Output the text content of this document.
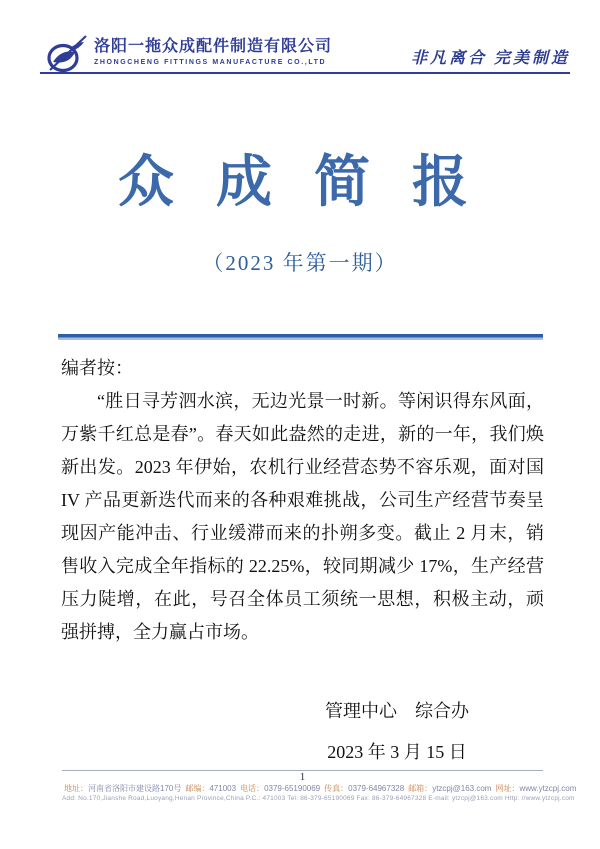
洛阳一拖众成配件制造有限公司
ZHONGCHENG FITTINGS MANUFACTURE CO.,LTD	非凡离合 完美制造
众 成 简 报
（2023 年第一期）
编者按：
“胜日寻芳泗水滨，无边光景一时新。等闲识得东风面，万紫千红总是春”。春天如此盎然的走进，新的一年，我们焕新出发。2023 年伊始，农机行业经营态势不容乐观，面对国 IV 产品更新迭代而来的各种艰难挑战，公司生产经营节奏呈现因产能冲击、行业缓滞而来的扑朔多变。截止 2 月末，销售收入完成全年指标的 22.25%，较同期减少 17%，生产经营压力陡增，在此，号召全体员工须统一思想，积极主动，顽强拼搏，全力赢占市场。
管理中心　综合办
2023 年 3 月 15 日
1
地址：河南省洛阳市建设路170号 邮编：471003 电话：0379-65190069 传真：0379-64967328 邮箱：ytzcpj@163.com 网址：www.ytzcpj.com
Add: No.170,Jianshe Road,Luoyang,Henan Province,China P.C.: 471003 Tel: 86-379-65190069 Fax: 86-379-64967328 E-mail: ytzcpj@163.com Http: //www.ytzcpj.com
